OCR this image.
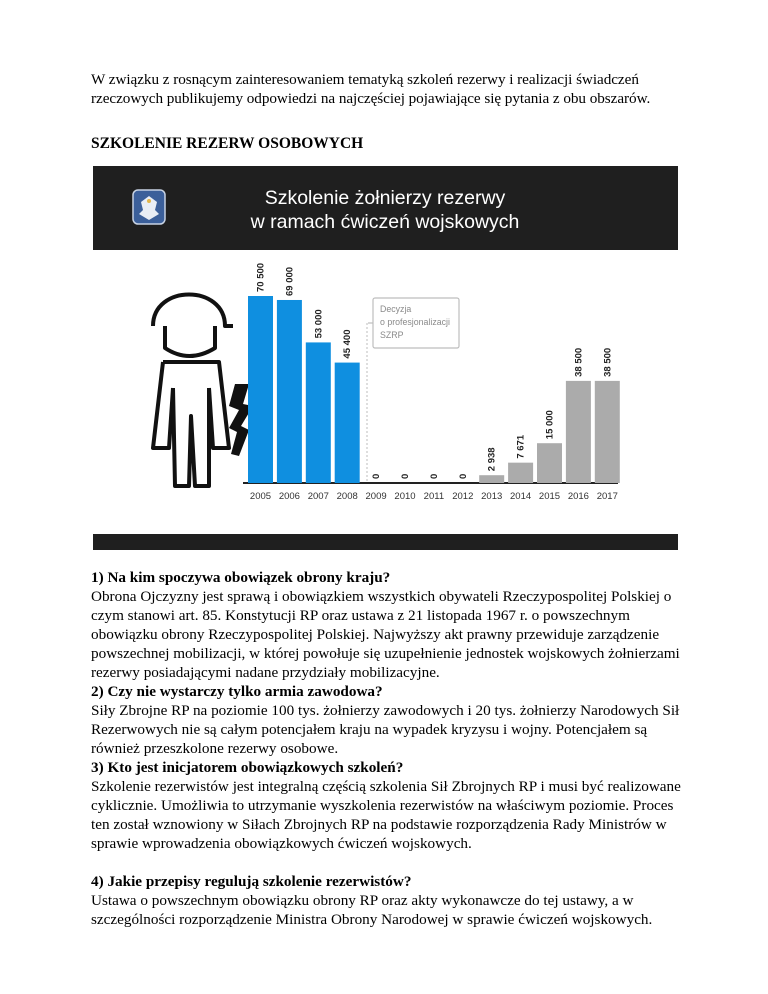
W związku z rosnącym zainteresowaniem tematyką szkoleń rezerwy i realizacji świadczeń rzeczowych publikujemy odpowiedzi na najczęściej pojawiające się pytania z obu obszarów.

SZKOLENIE REZERW OSOBOWYCH
Szkolenie żołnierzy rezerwy
w ramach ćwiczeń wojskowych
Decyzja
o profesjonalizacji
SZRP
70 500 69 000
53 000
45 400
0 0 0 0
2 938
7 671
15 000
38 500 38 500
2005 2006 2007 2008 2009 2010 2011 2012 2013 2014 2015 2016 2017
1) Na kim spoczywa obowiązek obrony kraju?
Obrona Ojczyzny jest sprawą i obowiązkiem wszystkich obywateli Rzeczypospolitej Polskiej o czym stanowi art. 85. Konstytucji RP oraz ustawa z 21 listopada 1967 r. o powszechnym obowiązku obrony Rzeczypospolitej Polskiej. Najwyższy akt prawny przewiduje zarządzenie powszechnej mobilizacji, w której powołuje się uzupełnienie jednostek wojskowych żołnierzami rezerwy posiadającymi nadane przydziały mobilizacyjne.
2) Czy nie wystarczy tylko armia zawodowa?
Siły Zbrojne RP na poziomie 100 tys. żołnierzy zawodowych i 20 tys. żołnierzy Narodowych Sił Rezerwowych nie są całym potencjałem kraju na wypadek kryzysu i wojny. Potencjałem są również przeszkolone rezerwy osobowe.
3) Kto jest inicjatorem obowiązkowych szkoleń?
Szkolenie rezerwistów jest integralną częścią szkolenia Sił Zbrojnych RP i musi być realizowane cyklicznie. Umożliwia to utrzymanie wyszkolenia rezerwistów na właściwym poziomie. Proces ten został wznowiony w Siłach Zbrojnych RP na podstawie rozporządzenia Rady Ministrów w sprawie wprowadzenia obowiązkowych ćwiczeń wojskowych.
4) Jakie przepisy regulują szkolenie rezerwistów?
Ustawa o powszechnym obowiązku obrony RP oraz akty wykonawcze do tej ustawy, a w szczególności rozporządzenie Ministra Obrony Narodowej w sprawie ćwiczeń wojskowych.
